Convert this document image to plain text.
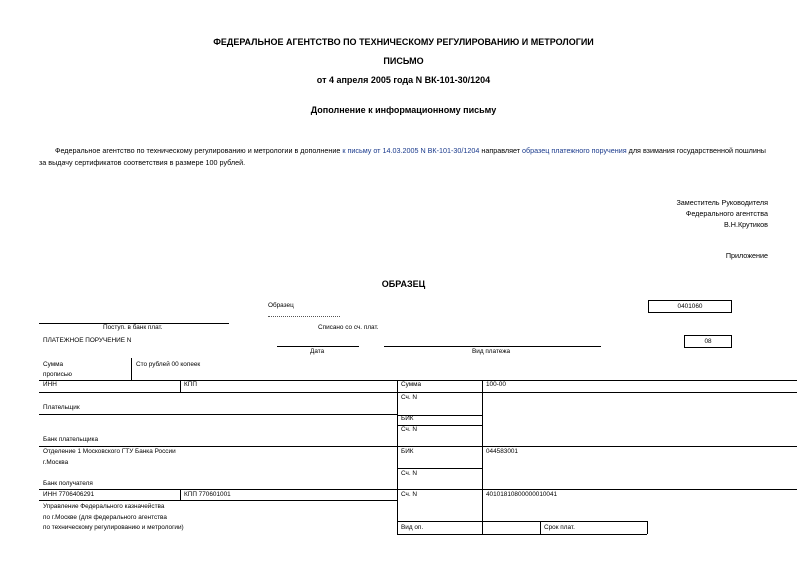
ФЕДЕРАЛЬНОЕ АГЕНТСТВО ПО ТЕХНИЧЕСКОМУ РЕГУЛИРОВАНИЮ И МЕТРОЛОГИИ
ПИСЬМО
от 4 апреля 2005 года N ВК-101-30/1204
Дополнение к информационному письму
Федеральное агентство по техническому регулированию и метрологии в дополнение к письму от 14.03.2005 N ВК-101-30/1204 направляет образец платежного поручения для взимания государственной пошлины
за выдачу сертификатов соответствия в размере 100 рублей.
Заместитель Руководителя
Федерального агентства
В.Н.Крутиков
Приложение
ОБРАЗЕЦ
Образец	0401060
Поступ. в банк плат.	Списано со сч. плат.
ПЛАТЕЖНОЕ ПОРУЧЕНИЕ N
Дата	Вид платежа
08
Сумма
прописью
Сто рублей 00 копеек
ИНН	КПП	Сумма	100-00
Сч. N
Плательщик
БИК
Сч. N
Банк плательщика
Отделение 1 Московского ГТУ Банка России
г.Москва
БИК	044583001
Сч. N
Банк получателя
ИНН 7706406291	КПП 770601001	Сч. N	40101810800000010041
Управление Федерального казначейства
по г.Москве (для федерального агентства
по техническому регулированию и метрологии)	Вид оп.	Срок плат.
